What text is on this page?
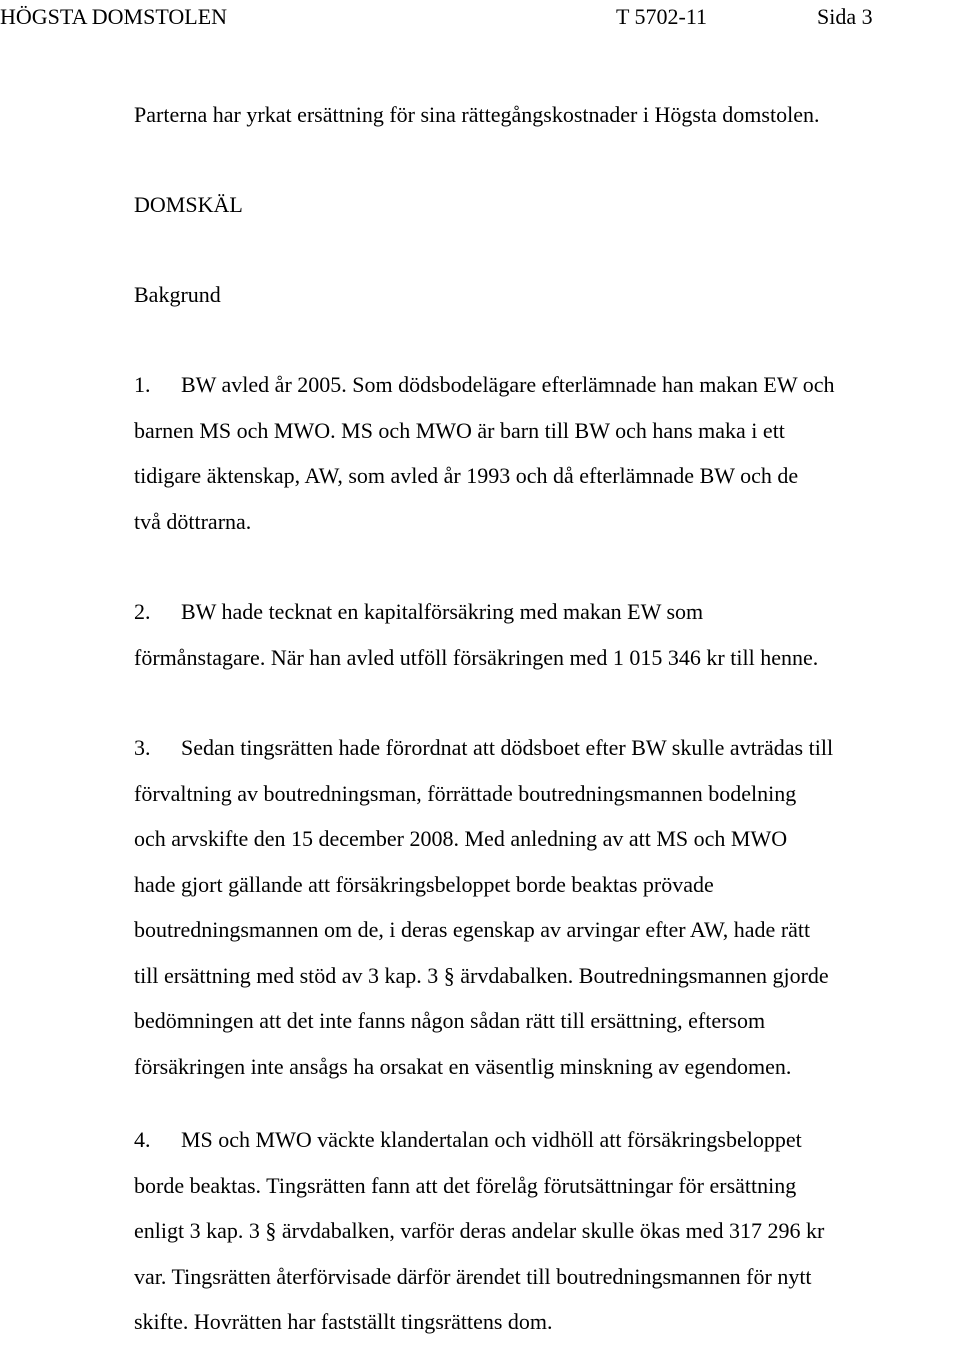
HÖGSTA DOMSTOLEN	T 5702-11	Sida 3
Parterna har yrkat ersättning för sina rättegångskostnader i Högsta domstolen.
DOMSKÄL
Bakgrund
1. BW avled år 2005. Som dödsbodelägare efterlämnade han makan EW och
barnen MS och MWO. MS och MWO är barn till BW och hans maka i ett
tidigare äktenskap, AW, som avled år 1993 och då efterlämnade BW och de
två döttrarna.
2. BW hade tecknat en kapitalförsäkring med makan EW som
förmånstagare. När han avled utföll försäkringen med 1 015 346 kr till henne.
3. Sedan tingsrätten hade förordnat att dödsboet efter BW skulle avträdas till
förvaltning av boutredningsman, förrättade boutredningsmannen bodelning
och arvskifte den 15 december 2008. Med anledning av att MS och MWO
hade gjort gällande att försäkringsbeloppet borde beaktas prövade
boutredningsmannen om de, i deras egenskap av arvingar efter AW, hade rätt
till ersättning med stöd av 3 kap. 3 § ärvdabalken. Boutredningsmannen gjorde
bedömningen att det inte fanns någon sådan rätt till ersättning, eftersom
försäkringen inte ansågs ha orsakat en väsentlig minskning av egendomen.
4. MS och MWO väckte klandertalan och vidhöll att försäkringsbeloppet
borde beaktas. Tingsrätten fann att det förelåg förutsättningar för ersättning
enligt 3 kap. 3 § ärvdabalken, varför deras andelar skulle ökas med 317 296 kr
var. Tingsrätten återförvisade därför ärendet till boutredningsmannen för nytt
skifte. Hovrätten har fastställt tingsrättens dom.
